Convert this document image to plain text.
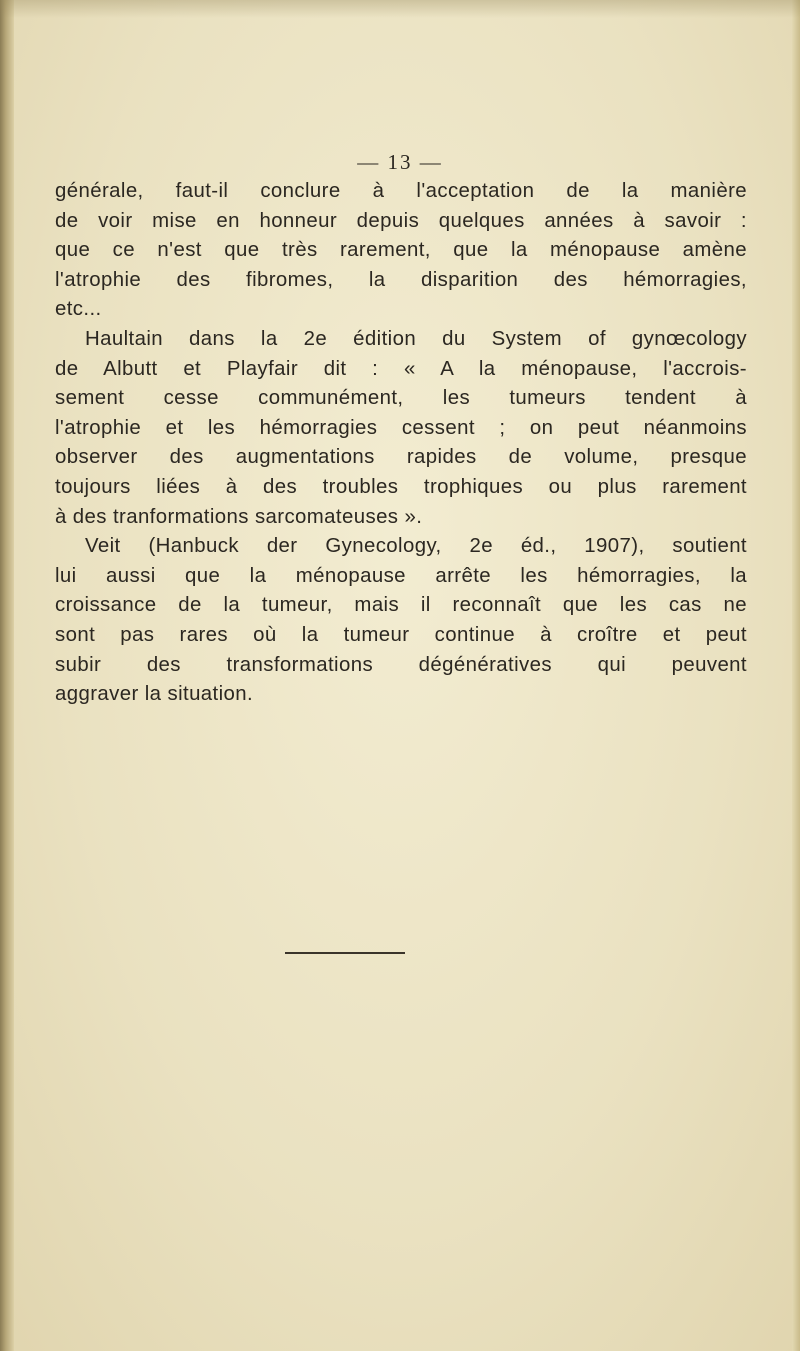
— 13 —
générale, faut-il conclure à l'acceptation de la manière
de voir mise en honneur depuis quelques années à savoir :
que ce n'est que très rarement, que la ménopause amène
l'atrophie des fibromes, la disparition des hémorragies,
etc...
Haultain dans la 2e édition du System of gynœcology
de Albutt et Playfair dit : « A la ménopause, l'accrois-
sement cesse communément, les tumeurs tendent à
l'atrophie et les hémorragies cessent ; on peut néanmoins
observer des augmentations rapides de volume, presque
toujours liées à des troubles trophiques ou plus rarement
à des tranformations sarcomateuses ».
Veit (Hanbuck der Gynecology, 2e éd., 1907), soutient
lui aussi que la ménopause arrête les hémorragies, la
croissance de la tumeur, mais il reconnaît que les cas ne
sont pas rares où la tumeur continue à croître et peut
subir des transformations dégénératives qui peuvent
aggraver la situation.
